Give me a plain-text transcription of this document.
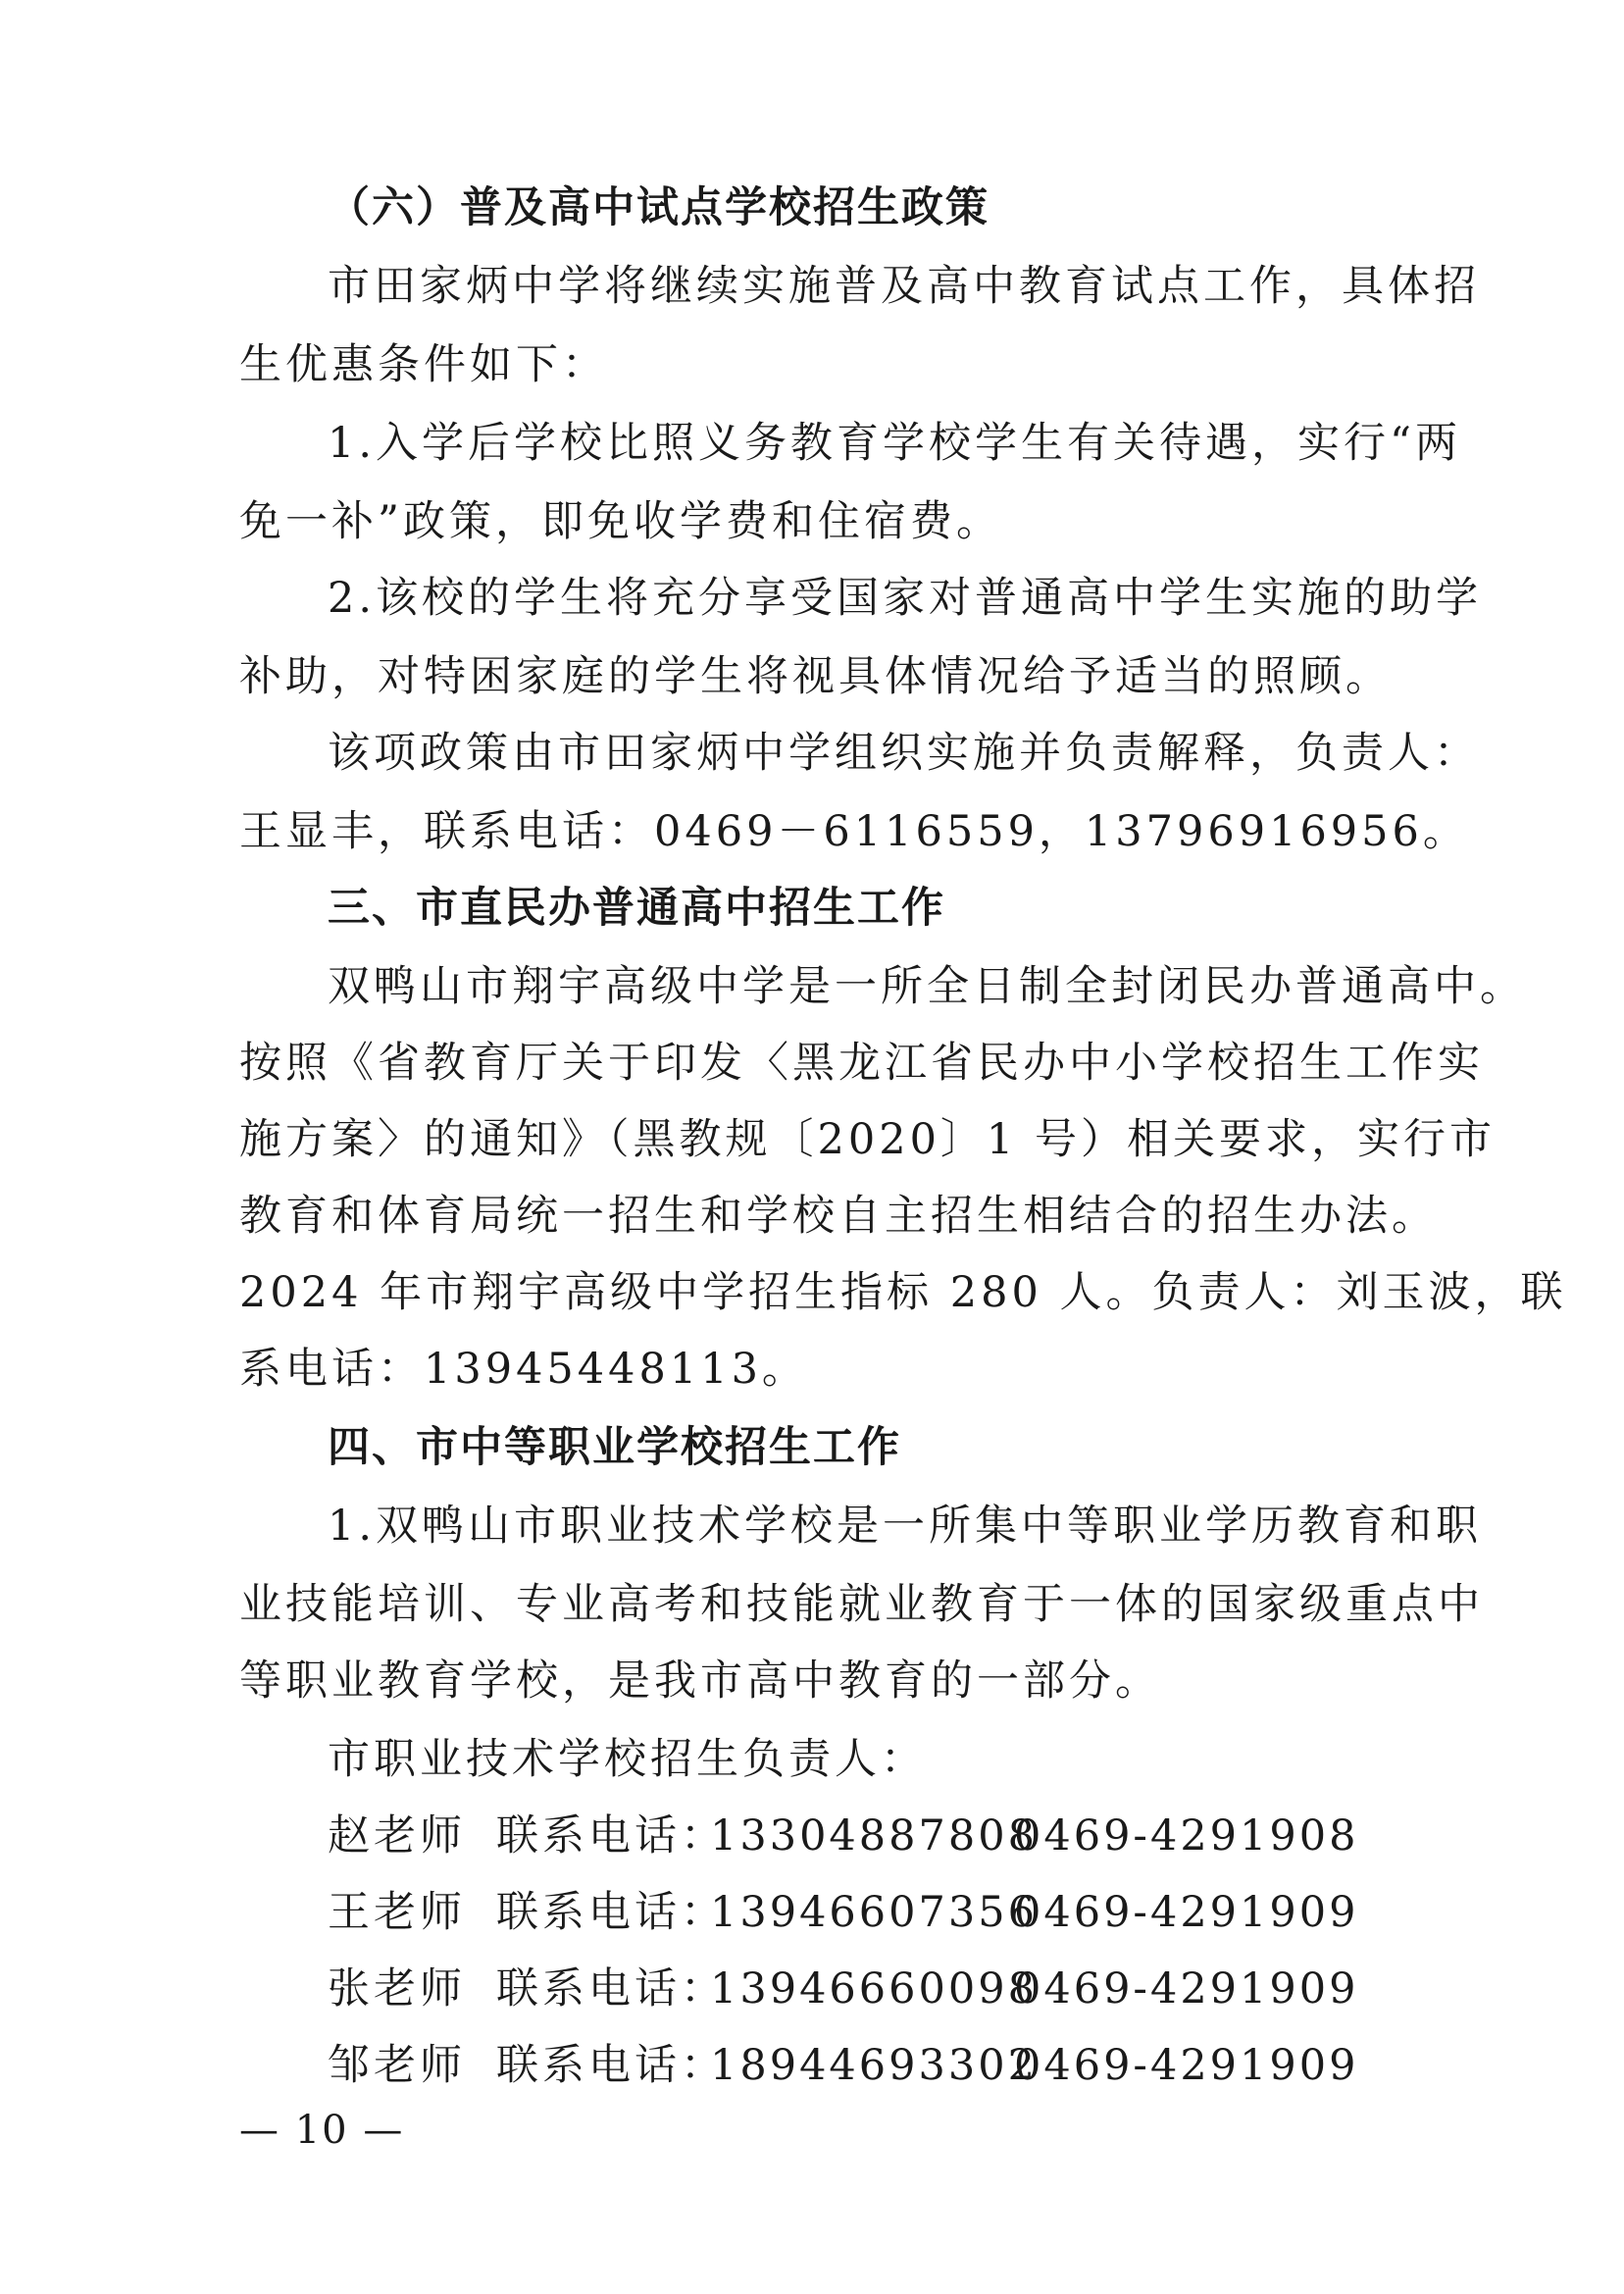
（六）普及高中试点学校招生政策
市田家炳中学将继续实施普及高中教育试点工作，具体招
生优惠条件如下：
1.入学后学校比照义务教育学校学生有关待遇，实行“两
免一补”政策，即免收学费和住宿费。
2.该校的学生将充分享受国家对普通高中学生实施的助学
补助，对特困家庭的学生将视具体情况给予适当的照顾。
该项政策由市田家炳中学组织实施并负责解释，负责人：
王显丰，联系电话：0469－6116559，13796916956。
三、市直民办普通高中招生工作
双鸭山市翔宇高级中学是一所全日制全封闭民办普通高中。
按照《省教育厅关于印发〈黑龙江省民办中小学校招生工作实
施方案〉的通知》（黑教规〔2020〕1 号）相关要求，实行市
教育和体育局统一招生和学校自主招生相结合的招生办法。
2024 年市翔宇高级中学招生指标 280 人。负责人：刘玉波，联
系电话：13945448113。
四、市中等职业学校招生工作
1.双鸭山市职业技术学校是一所集中等职业学历教育和职
业技能培训、专业高考和技能就业教育于一体的国家级重点中
等职业教育学校，是我市高中教育的一部分。
市职业技术学校招生负责人：
赵老师 联系电话：133048878080469-4291908
王老师 联系电话：139466073560469-4291909
张老师 联系电话：139466600980469-4291909
邹老师 联系电话：189446933020469-4291909
— 10 —
